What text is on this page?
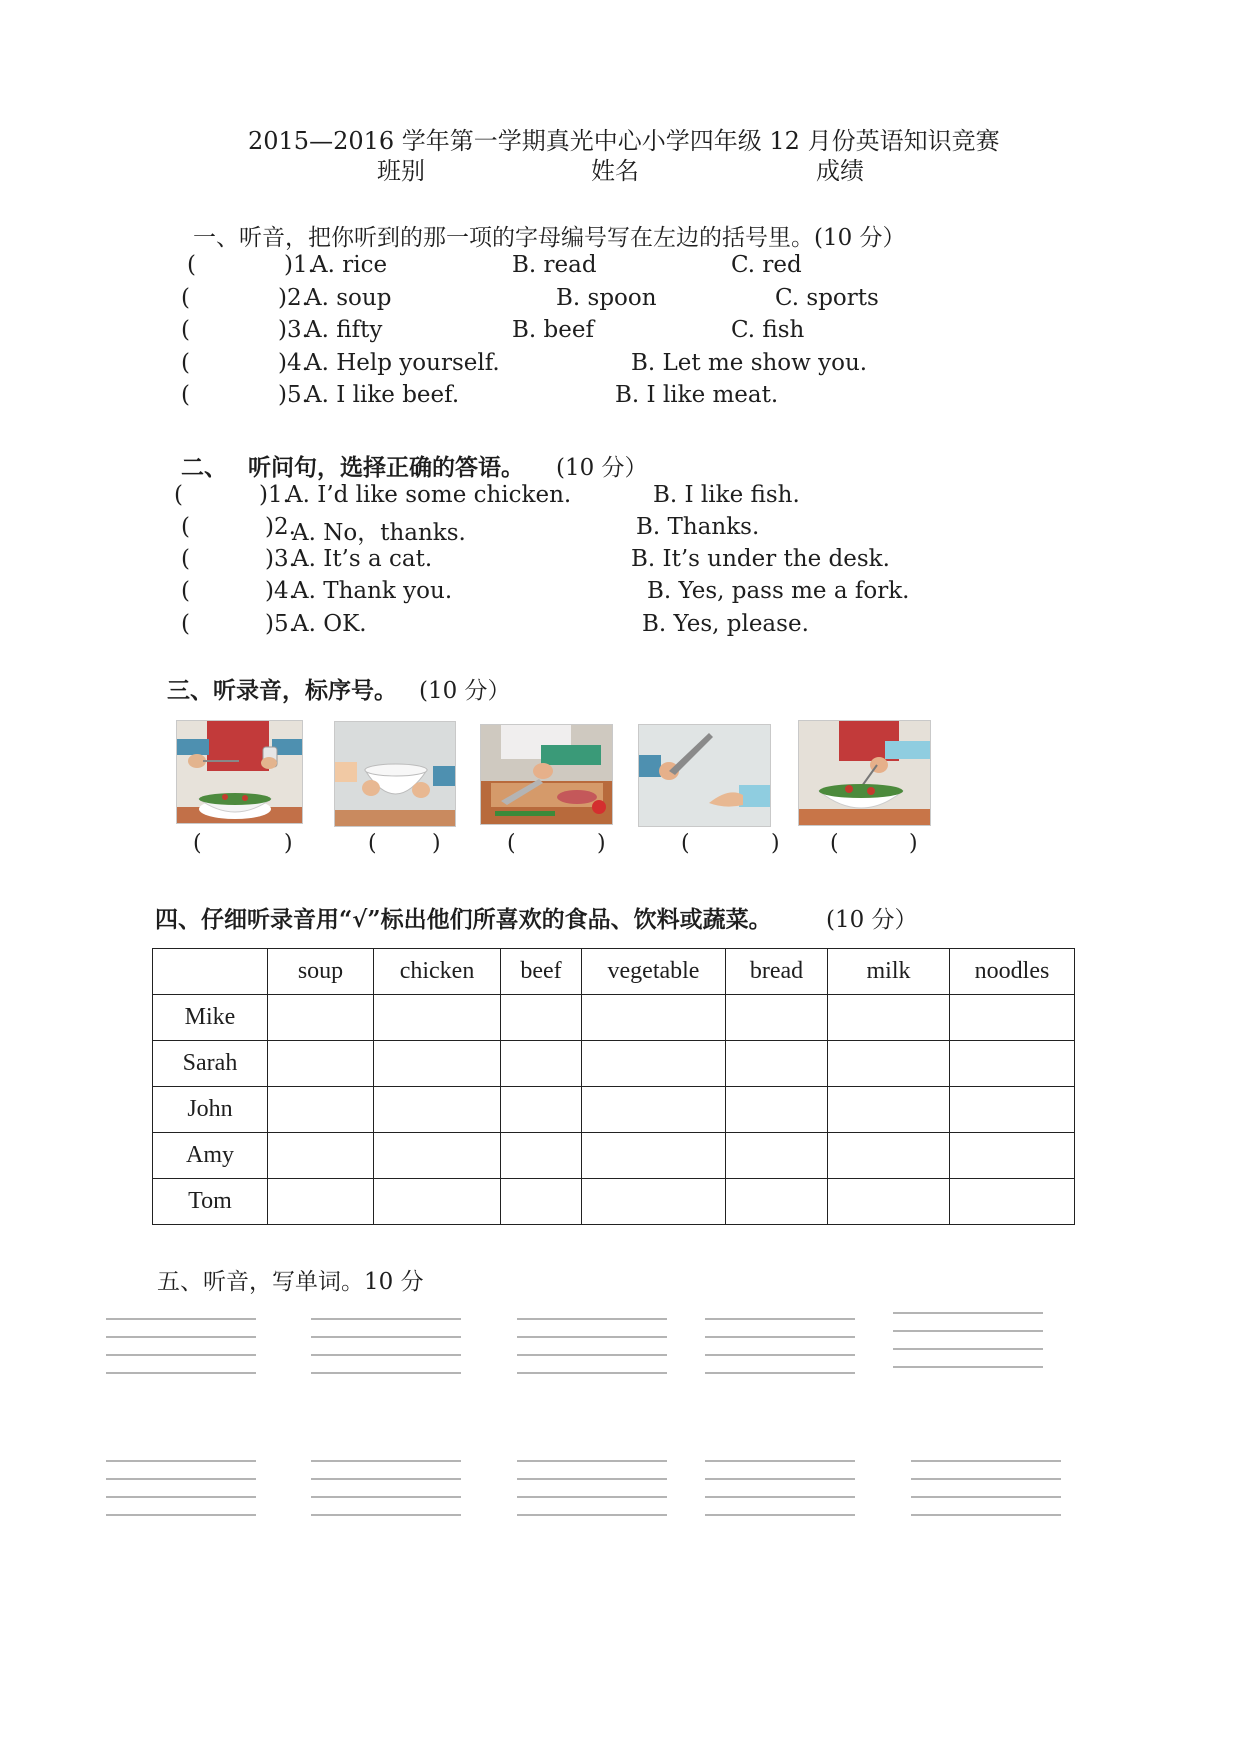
2015—2016 学年第一学期真光中心小学四年级 12 月份英语知识竞赛
班别	姓名	成绩
一、听音，把你听到的那一项的字母编号写在左边的括号里。(10 分）
(	)1.
A. rice	B. read	C. red
(	)2.
A. soup	B. spoon	C. sports
(	)3.
A. fifty	B. beef	C. fish
(	)4.
A. Help yourself.	B. Let me show you.
(	)5.
A. I like beef.	B. I like meat.
二、 听问句，选择正确的答语。 (10 分）
(	)1.
A. I’d like some chicken.	B. I like fish.
(	)2.
A. No，thanks.	B. Thanks.
(	)3.
A. It’s a cat.	B. It’s under the desk.
(	)4.
A. Thank you.	B. Yes, pass me a fork.
(	)5.
A. OK.	B. Yes, please.
三、听录音，标序号。 (10 分）
(	)	(	)	(	)	(	) (	)
四、仔细听录音用“√”标出他们所喜欢的食品、饮料或蔬菜。 (10 分）
	soup	chicken	beef	vegetable	bread	milk	noodles
Mike							
Sarah							
John							
Amy							
Tom							
五、听音，写单词。10 分
